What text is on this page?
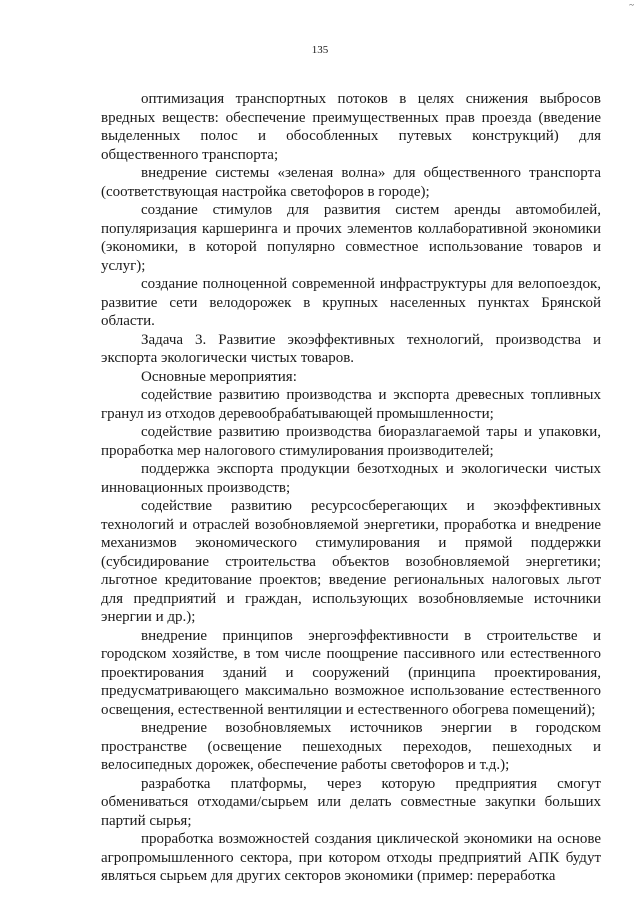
~
135

оптимизация транспортных потоков в целях снижения выбросов вредных веществ: обеспечение преимущественных прав проезда (введение выделенных полос и обособленных путевых конструкций) для общественного транспорта;

внедрение системы «зеленая волна» для общественного транспорта (соответствующая настройка светофоров в городе);

создание стимулов для развития систем аренды автомобилей, популяризация каршеринга и прочих элементов коллаборативной экономики (экономики, в которой популярно совместное использование товаров и услуг);

создание полноценной современной инфраструктуры для велопоездок, развитие сети велодорожек в крупных населенных пунктах Брянской области.

Задача 3. Развитие экоэффективных технологий, производства и экспорта экологически чистых товаров.

Основные мероприятия:

содействие развитию производства и экспорта древесных топливных гранул из отходов деревообрабатывающей промышленности;

содействие развитию производства биоразлагаемой тары и упаковки, проработка мер налогового стимулирования производителей;

поддержка экспорта продукции безотходных и экологически чистых инновационных производств;

содействие развитию ресурсосберегающих и экоэффективных технологий и отраслей возобновляемой энергетики, проработка и внедрение механизмов экономического стимулирования и прямой поддержки (субсидирование строительства объектов возобновляемой энергетики; льготное кредитование проектов; введение региональных налоговых льгот для предприятий и граждан, использующих возобновляемые источники энергии и др.);

внедрение принципов энергоэффективности в строительстве и городском хозяйстве, в том числе поощрение пассивного или естественного проектирования зданий и сооружений (принципа проектирования, предусматривающего максимально возможное использование естественного освещения, естественной вентиляции и естественного обогрева помещений);

внедрение возобновляемых источников энергии в городском пространстве (освещение пешеходных переходов, пешеходных и велосипедных дорожек, обеспечение работы светофоров и т.д.);

разработка платформы, через которую предприятия смогут обмениваться отходами/сырьем или делать совместные закупки больших партий сырья;

проработка возможностей создания циклической экономики на основе агропромышленного сектора, при котором отходы предприятий АПК будут являться сырьем для других секторов экономики (пример: переработка
